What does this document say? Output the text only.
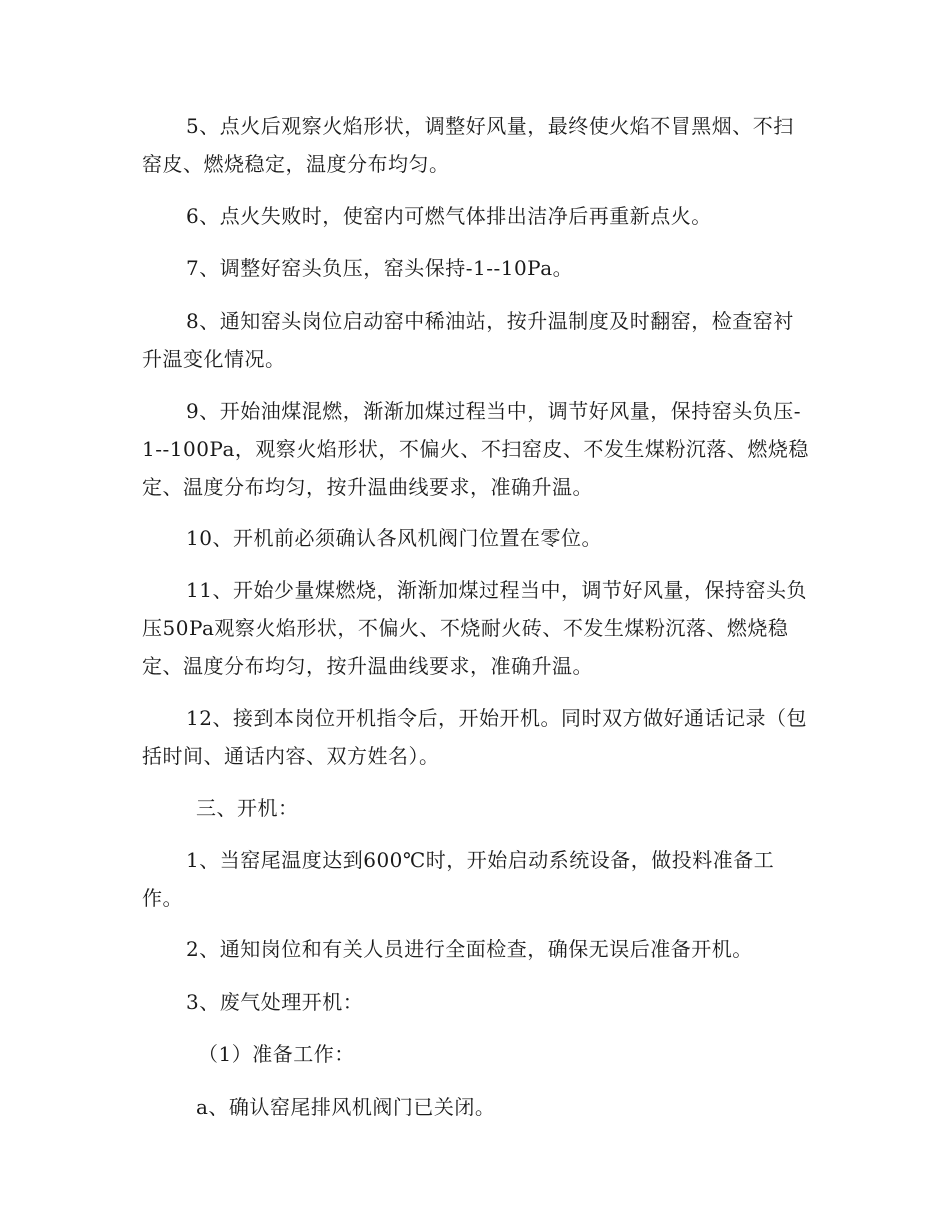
5、点火后观察火焰形状，调整好风量，最终使火焰不冒黑烟、不扫窑皮、燃烧稳定，温度分布均匀。

6、点火失败时，使窑内可燃气体排出洁净后再重新点火。

7、调整好窑头负压，窑头保持-1--10Pa。

8、通知窑头岗位启动窑中稀油站，按升温制度及时翻窑，检查窑衬升温变化情况。

9、开始油煤混燃，渐渐加煤过程当中，调节好风量，保持窑头负压-1--100Pa，观察火焰形状，不偏火、不扫窑皮、不发生煤粉沉落、燃烧稳定、温度分布均匀，按升温曲线要求，准确升温。

10、开机前必须确认各风机阀门位置在零位。

11、开始少量煤燃烧，渐渐加煤过程当中，调节好风量，保持窑头负压50Pa观察火焰形状，不偏火、不烧耐火砖、不发生煤粉沉落、燃烧稳定、温度分布均匀，按升温曲线要求，准确升温。

12、接到本岗位开机指令后，开始开机。同时双方做好通话记录（包括时间、通话内容、双方姓名）。

三、开机：

1、当窑尾温度达到600℃时，开始启动系统设备，做投料准备工作。

2、通知岗位和有关人员进行全面检查，确保无误后准备开机。

3、废气处理开机：

（1）准备工作：

a、确认窑尾排风机阀门已关闭。
